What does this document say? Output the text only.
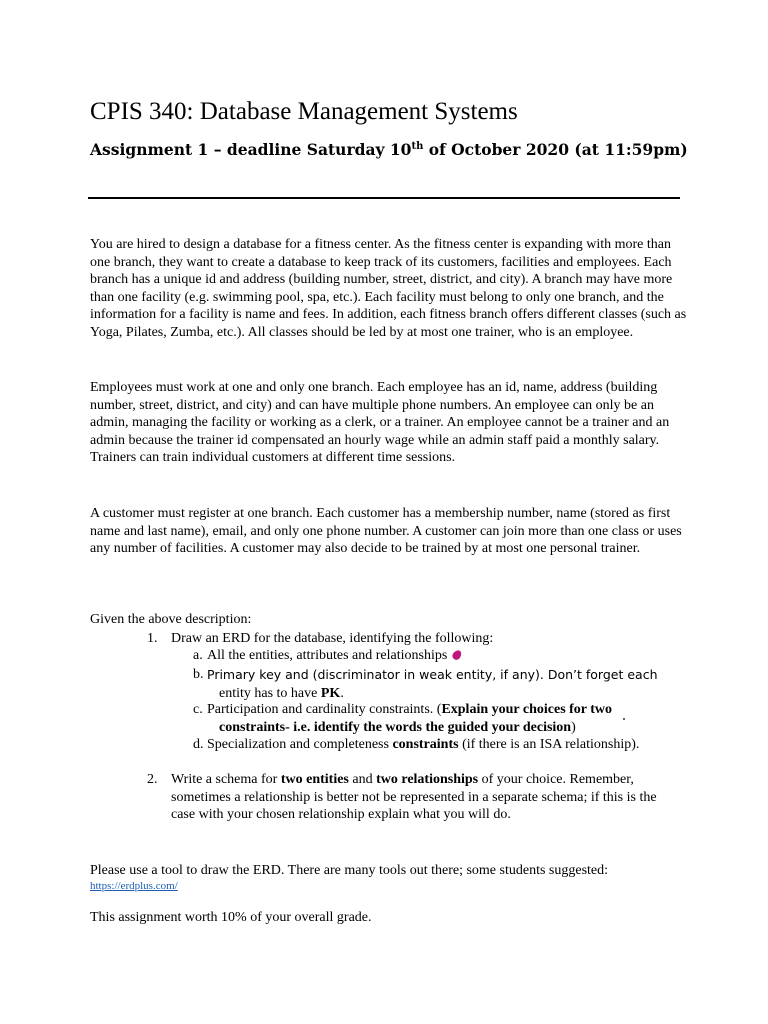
CPIS 340: Database Management Systems
Assignment 1 – deadline Saturday 10th of October 2020 (at 11:59pm)

You are hired to design a database for a fitness center. As the fitness center is expanding with more than one branch, they want to create a database to keep track of its customers, facilities and employees. Each branch has a unique id and address (building number, street, district, and city). A branch may have more than one facility (e.g. swimming pool, spa, etc.). Each facility must belong to only one branch, and the information for a facility is name and fees. In addition, each fitness branch offers different classes (such as Yoga, Pilates, Zumba, etc.). All classes should be led by at most one trainer, who is an employee.

Employees must work at one and only one branch. Each employee has an id, name, address (building number, street, district, and city) and can have multiple phone numbers. An employee can only be an admin, managing the facility or working as a clerk, or a trainer. An employee cannot be a trainer and an admin because the trainer id compensated an hourly wage while an admin staff paid a monthly salary. Trainers can train individual customers at different time sessions.

A customer must register at one branch. Each customer has a membership number, name (stored as first name and last name), email, and only one phone number. A customer can join more than one class or uses any number of facilities. A customer may also decide to be trained by at most one personal trainer.

Given the above description:

1. Draw an ERD for the database, identifying the following:
a. All the entities, attributes and relationships
b. Primary key and (discriminator in weak entity, if any). Don’t forget each
entity has to have PK.
c. Participation and cardinality constraints. (Explain your choices for two
constraints- i.e. identify the words the guided your decision)
d. Specialization and completeness constraints (if there is an ISA relationship).
2. Write a schema for two entities and two relationships of your choice. Remember, sometimes a relationship is better not be represented in a separate schema; if this is the case with your chosen relationship explain what you will do.

Please use a tool to draw the ERD. There are many tools out there; some students suggested:

https://erdplus.com/

This assignment worth 10% of your overall grade.
